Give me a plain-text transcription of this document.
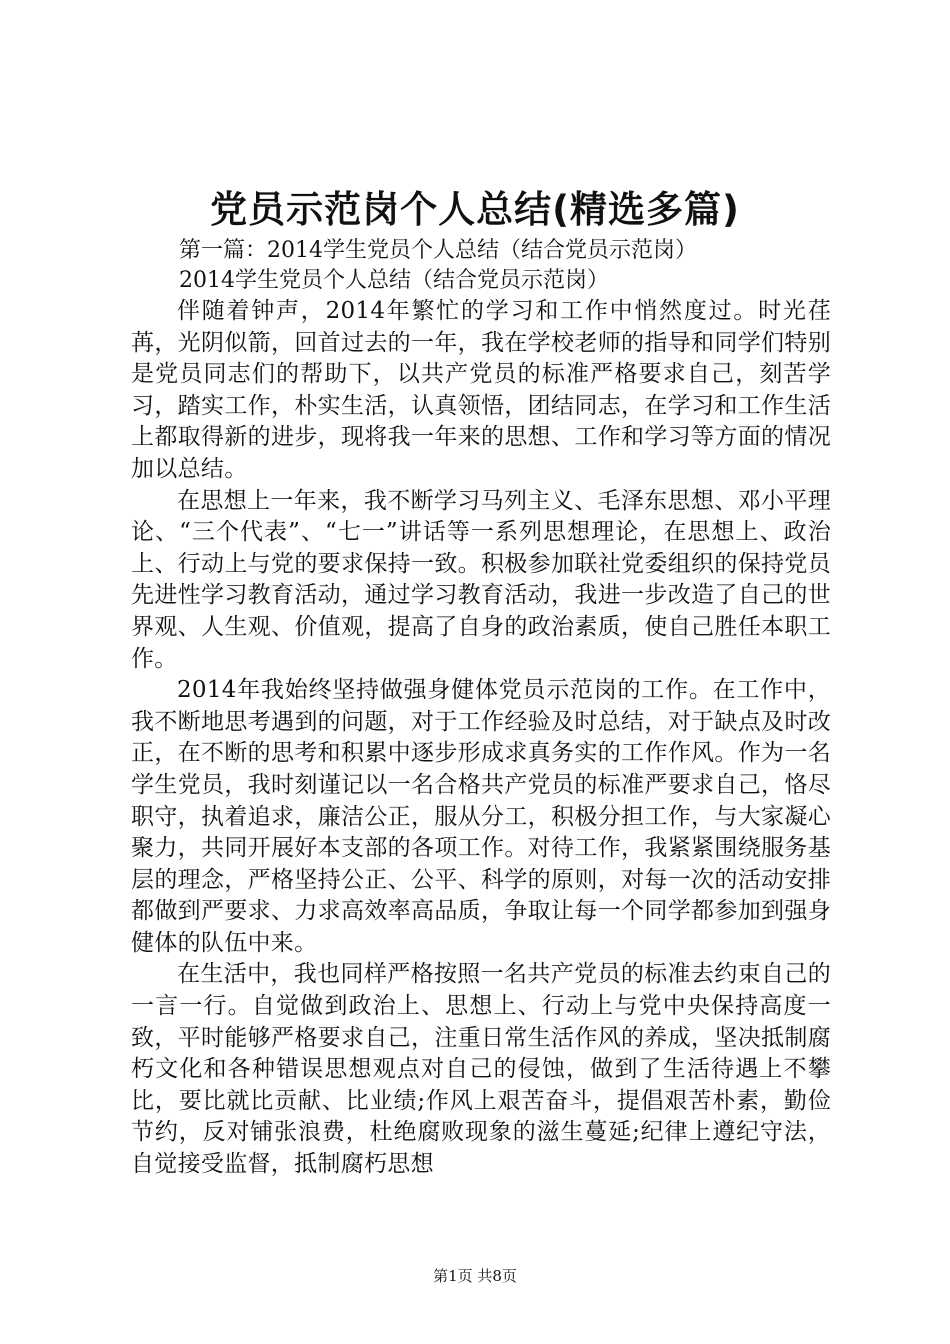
党员示范岗个人总结(精选多篇)

第一篇：2014学生党员个人总结（结合党员示范岗）

2014学生党员个人总结（结合党员示范岗）

伴随着钟声，2014年繁忙的学习和工作中悄然度过。时光荏苒，光阴似箭，回首过去的一年，我在学校老师的指导和同学们特别是党员同志们的帮助下，以共产党员的标准严格要求自己，刻苦学习，踏实工作，朴实生活，认真领悟，团结同志，在学习和工作生活上都取得新的进步，现将我一年来的思想、工作和学习等方面的情况加以总结。

在思想上一年来，我不断学习马列主义、毛泽东思想、邓小平理论、“三个代表”、“七一”讲话等一系列思想理论，在思想上、政治上、行动上与党的要求保持一致。积极参加联社党委组织的保持党员先进性学习教育活动，通过学习教育活动，我进一步改造了自己的世界观、人生观、价值观，提高了自身的政治素质，使自己胜任本职工作。

2014年我始终坚持做强身健体党员示范岗的工作。在工作中，我不断地思考遇到的问题，对于工作经验及时总结，对于缺点及时改正，在不断的思考和积累中逐步形成求真务实的工作作风。作为一名学生党员，我时刻谨记以一名合格共产党员的标准严要求自己，恪尽职守，执着追求，廉洁公正，服从分工，积极分担工作，与大家凝心聚力，共同开展好本支部的各项工作。对待工作，我紧紧围绕服务基层的理念，严格坚持公正、公平、科学的原则，对每一次的活动安排都做到严要求、力求高效率高品质，争取让每一个同学都参加到强身健体的队伍中来。

在生活中，我也同样严格按照一名共产党员的标准去约束自己的一言一行。自觉做到政治上、思想上、行动上与党中央保持高度一致，平时能够严格要求自己，注重日常生活作风的养成，坚决抵制腐朽文化和各种错误思想观点对自己的侵蚀，做到了生活待遇上不攀比，要比就比贡献、比业绩;作风上艰苦奋斗，提倡艰苦朴素，勤俭节约，反对铺张浪费，杜绝腐败现象的滋生蔓延;纪律上遵纪守法，自觉接受监督，抵制腐朽思想

第1页 共8页
